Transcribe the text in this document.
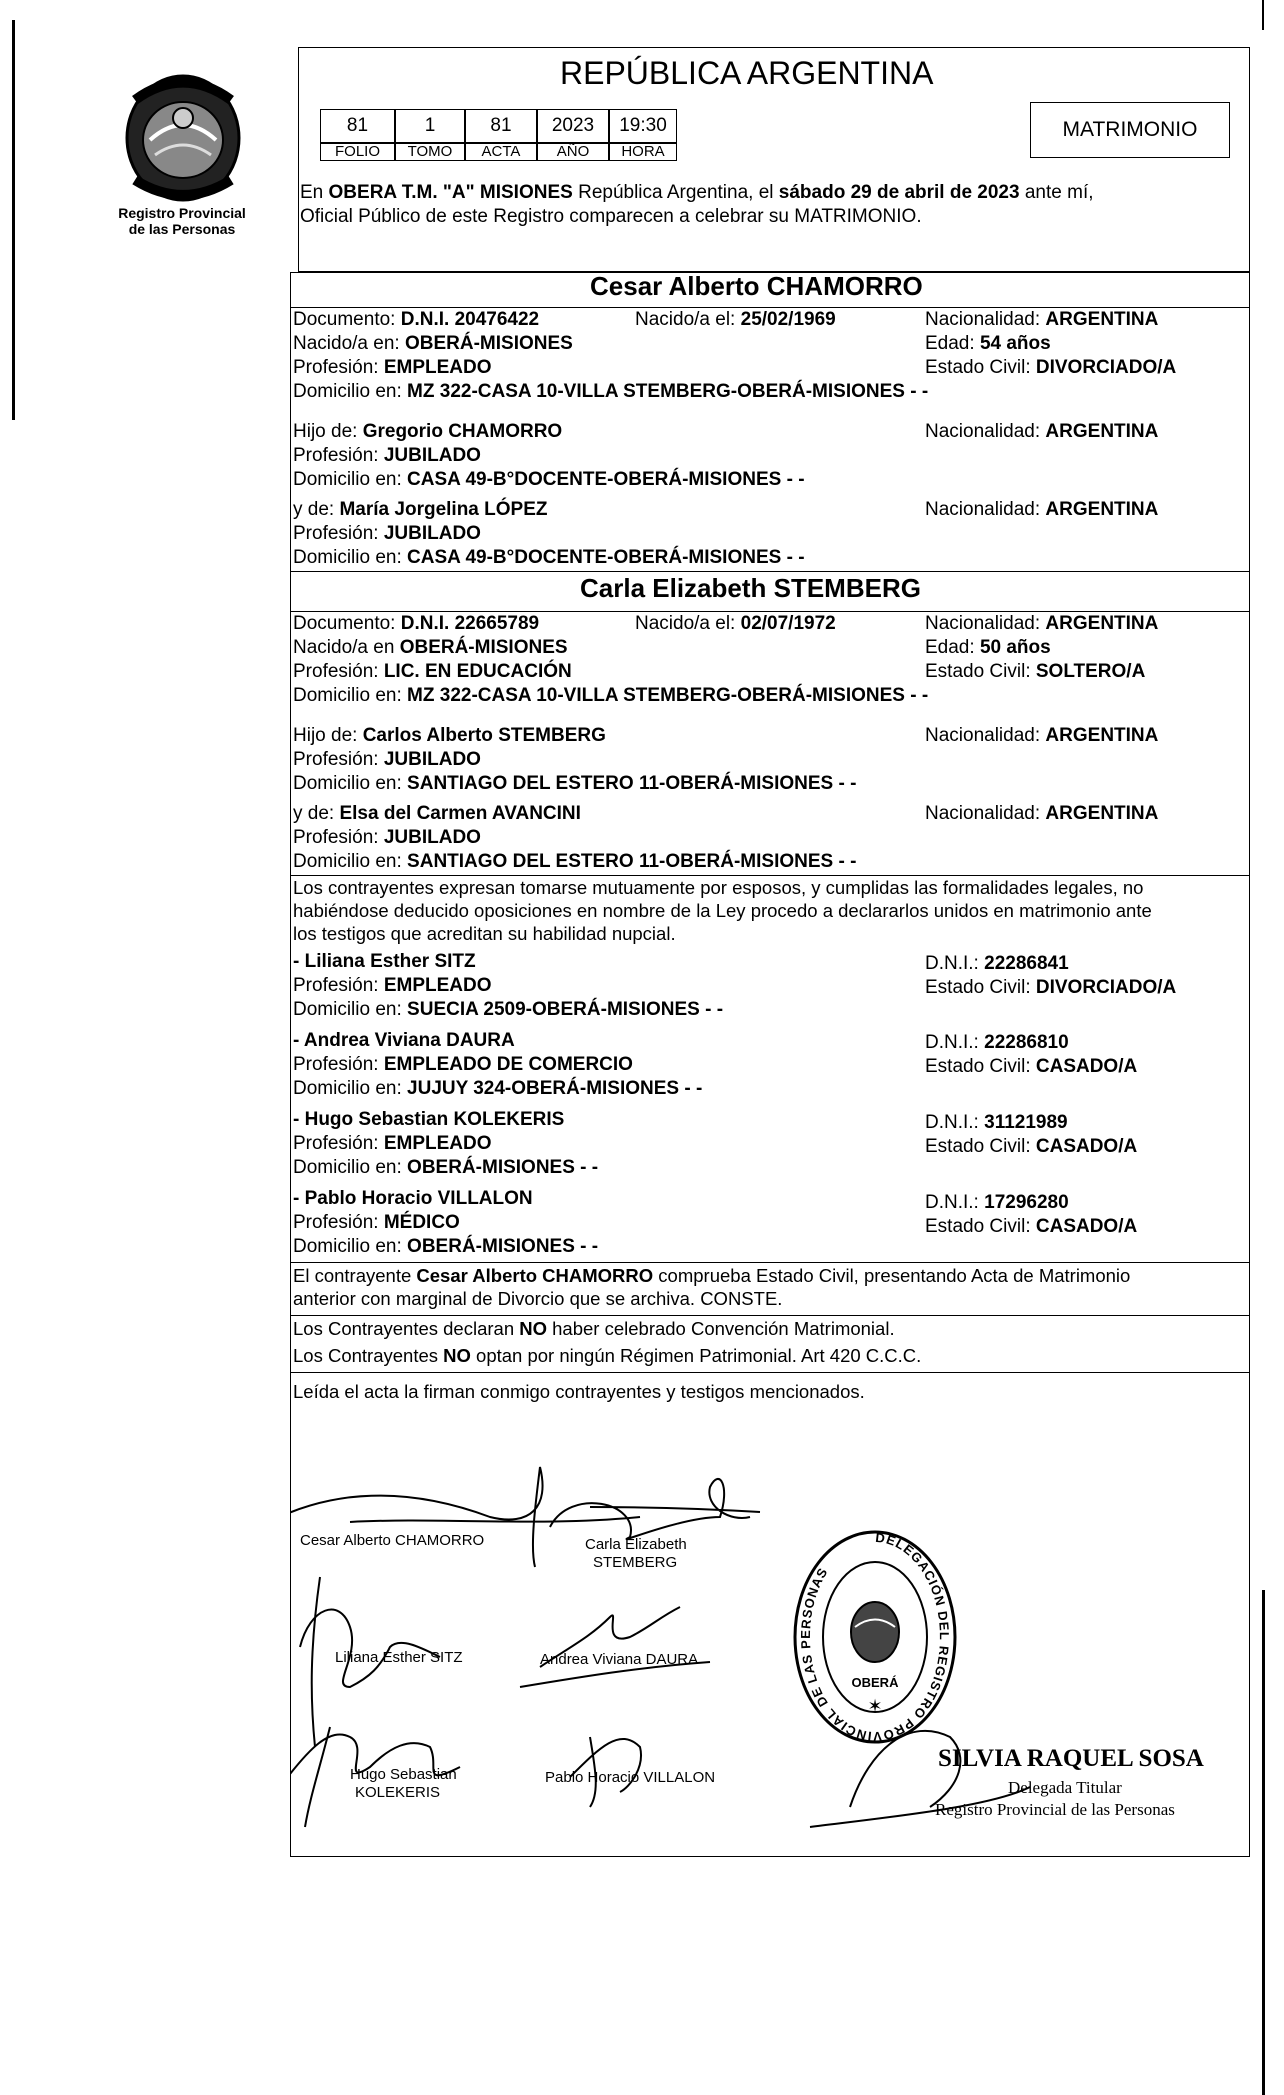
Registro Provincial
de las Personas
REPÚBLICA ARGENTINA
81	1	81	2023	19:30
FOLIO	TOMO	ACTA	AÑO	HORA
MATRIMONIO
En OBERA T.M. "A" MISIONES República Argentina, el sábado 29 de abril de 2023 ante mí,
Oficial Público de este Registro comparecen a celebrar su MATRIMONIO.
Cesar Alberto CHAMORRO
Documento: D.N.I. 20476422	Nacido/a el: 25/02/1969	Nacionalidad: ARGENTINA
Nacido/a en: OBERÁ-MISIONES	Edad: 54 años
Profesión: EMPLEADO	Estado Civil: DIVORCIADO/A
Domicilio en: MZ 322-CASA 10-VILLA STEMBERG-OBERÁ-MISIONES - -
Hijo de: Gregorio CHAMORRO	Nacionalidad: ARGENTINA
Profesión: JUBILADO
Domicilio en: CASA 49-B°DOCENTE-OBERÁ-MISIONES - -
y de: María Jorgelina LÓPEZ	Nacionalidad: ARGENTINA
Profesión: JUBILADO
Domicilio en: CASA 49-B°DOCENTE-OBERÁ-MISIONES - -
Carla Elizabeth STEMBERG
Documento: D.N.I. 22665789	Nacido/a el: 02/07/1972	Nacionalidad: ARGENTINA
Nacido/a en OBERÁ-MISIONES	Edad: 50 años
Profesión: LIC. EN EDUCACIÓN	Estado Civil: SOLTERO/A
Domicilio en: MZ 322-CASA 10-VILLA STEMBERG-OBERÁ-MISIONES - -
Hijo de: Carlos Alberto STEMBERG	Nacionalidad: ARGENTINA
Profesión: JUBILADO
Domicilio en: SANTIAGO DEL ESTERO 11-OBERÁ-MISIONES - -
y de: Elsa del Carmen AVANCINI	Nacionalidad: ARGENTINA
Profesión: JUBILADO
Domicilio en: SANTIAGO DEL ESTERO 11-OBERÁ-MISIONES - -
Los contrayentes expresan tomarse mutuamente por esposos, y cumplidas las formalidades legales, no
habiéndose deducido oposiciones en nombre de la Ley procedo a declararlos unidos en matrimonio ante
los testigos que acreditan su habilidad nupcial.
- Liliana Esther SITZ	D.N.I.: 22286841
Profesión: EMPLEADO	Estado Civil: DIVORCIADO/A
Domicilio en: SUECIA 2509-OBERÁ-MISIONES - -
- Andrea Viviana DAURA	D.N.I.: 22286810
Profesión: EMPLEADO DE COMERCIO	Estado Civil: CASADO/A
Domicilio en: JUJUY 324-OBERÁ-MISIONES - -
- Hugo Sebastian KOLEKERIS	D.N.I.: 31121989
Profesión: EMPLEADO	Estado Civil: CASADO/A
Domicilio en: OBERÁ-MISIONES - -
- Pablo Horacio VILLALON	D.N.I.: 17296280
Profesión: MÉDICO	Estado Civil: CASADO/A
Domicilio en: OBERÁ-MISIONES - -
El contrayente Cesar Alberto CHAMORRO comprueba Estado Civil, presentando Acta de Matrimonio
anterior con marginal de Divorcio que se archiva. CONSTE.
Los Contrayentes declaran NO haber celebrado Convención Matrimonial.
Los Contrayentes NO optan por ningún Régimen Patrimonial. Art 420 C.C.C.
Leída el acta la firman conmigo contrayentes y testigos mencionados.
Cesar Alberto CHAMORRO	Carla Elizabeth
STEMBERG
Liliana Esther SITZ	Andrea Viviana DAURA
Hugo Sebastian
KOLEKERIS
Pablo Horacio VILLALON
DELEGACIÓN DEL REGISTRO PROVINCIAL DE LAS PERSONAS
OBERÁ
✶
SILVIA RAQUEL SOSA
Delegada Titular
Registro Provincial de las Personas
